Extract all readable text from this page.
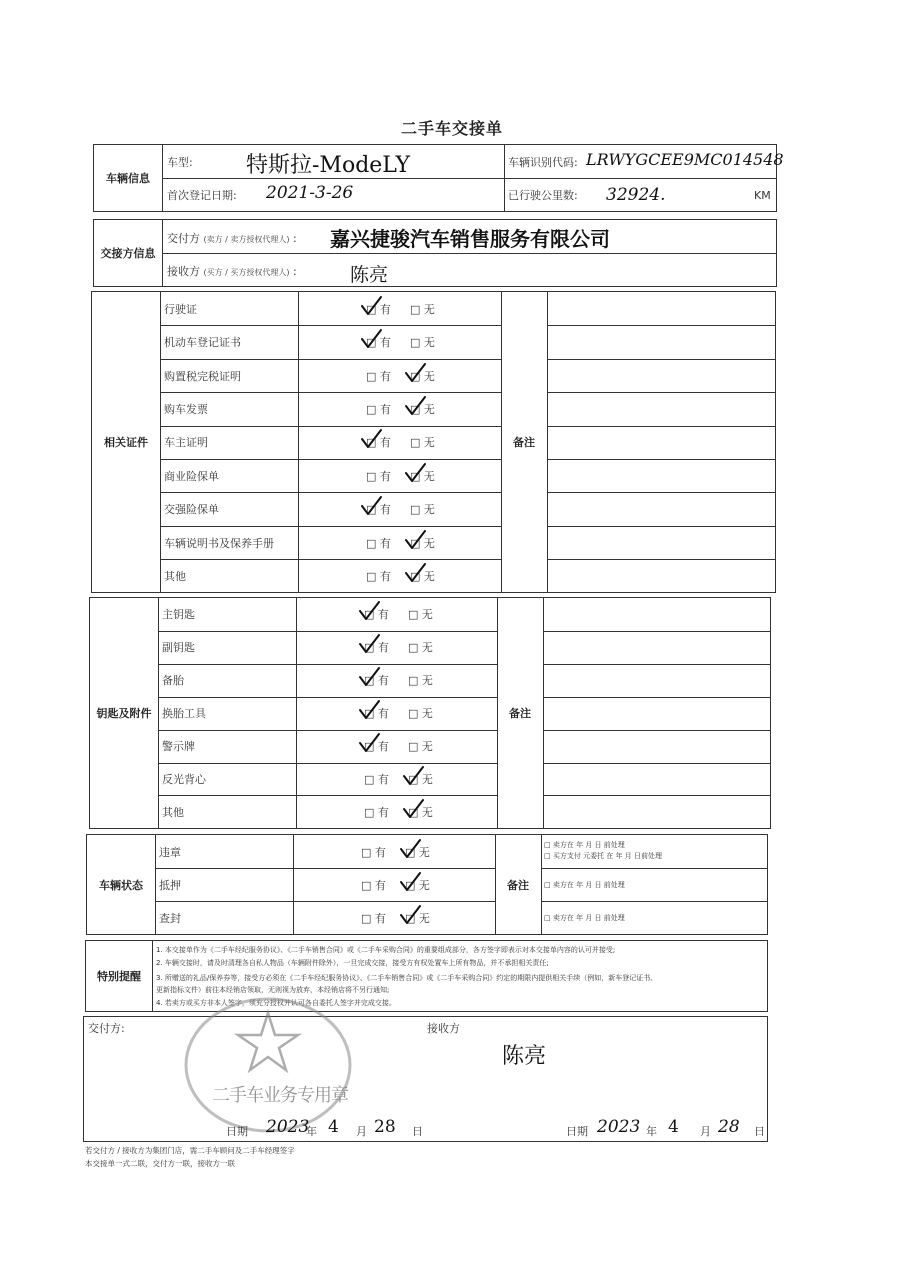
二手车交接单
车辆信息
车型: 特斯拉-ModeLY	车辆识别代码: LRWYGCEE9MC014548
首次登记日期: 2021-3-26	已行驶公里数: 32924.	KM
交接方信息
交付方 (卖方 / 卖方授权代理人) : 嘉兴捷骏汽车销售服务有限公司
接收方 (买方 / 买方授权代理人) :	陈亮
相关证件	备注
行驶证	□ 有 □ 无
机动车登记证书	□ 有 □ 无
购置税完税证明	□ 有 □ 无
购车发票	□ 有 □ 无
车主证明	□ 有 □ 无
商业险保单	□ 有 □ 无
交强险保单	□ 有 □ 无
车辆说明书及保养手册	□ 有 □ 无
其他	□ 有 □ 无
钥匙及附件	备注
主钥匙	□ 有 □ 无
副钥匙	□ 有 □ 无
备胎	□ 有 □ 无
换胎工具	□ 有 □ 无
警示牌	□ 有 □ 无
反光背心	□ 有 □ 无
其他	□ 有 □ 无
车辆状态	备注
违章	□ 有 □ 无
□ 卖方在 年 月 日 前处理
□ 买方支付 元委托 在 年 月 日前处理
抵押	□ 有 □ 无	□ 卖方在 年 月 日 前处理
查封	□ 有 □ 无	□ 卖方在 年 月 日 前处理
特别提醒
1. 本交接单作为《二手车经纪服务协议》、《二手车销售合同》或《二手车采购合同》的重要组成部分，各方签字即表示对本交接单内容的认可并接受;
2. 车辆交接时，请及时清理各自私人物品（车辆附件除外），一旦完成交接，接受方有权处置车上所有物品，并不承担相关责任;
3. 所赠送的礼品/保养券等，接受方必须在《二手车经纪服务协议》、《二手车销售合同》或《二手车采购合同》约定的期限内提供相关手续（例如，新车登记证书、
更新指标文件）前往本经销店领取，无则视为放弃，本经销店将不另行通知;
4. 若卖方或买方非本人签字，须充分授权并认可各自委托人签字并完成交接。
交付方:	接收方
陈亮
二手车业务专用章
日期 2023
年 4 月 28 日	日期 2023 年 4 月 28 日
若交付方 / 接收方为集团门店，需二手车顾问及二手车经理签字
本交接单一式二联，交付方一联，接收方一联
